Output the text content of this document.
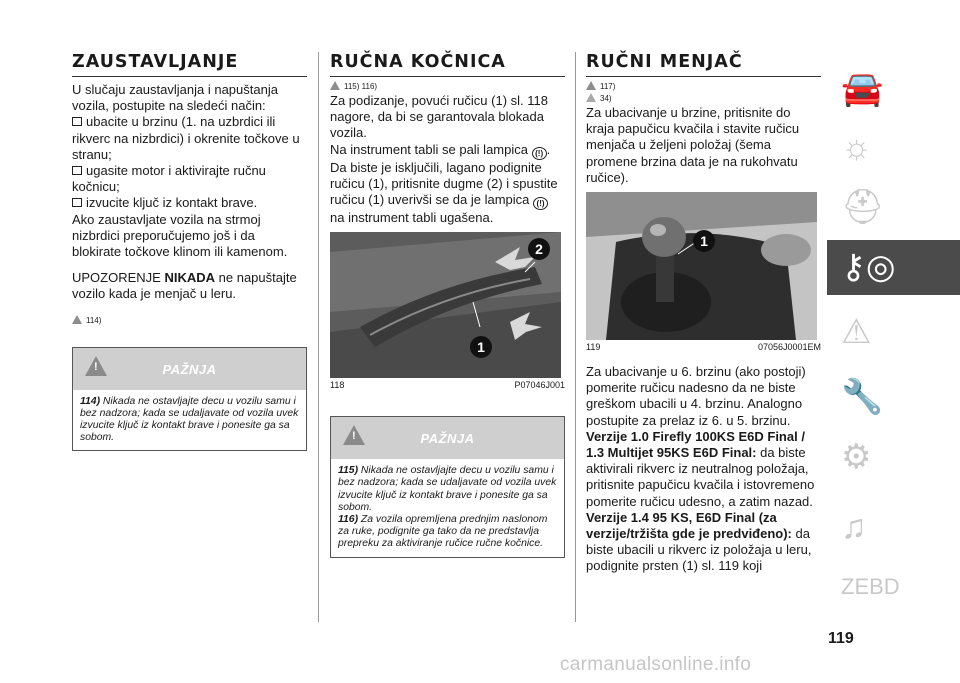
ZAUSTAVLJANJE

U slučaju zaustavljanja i napuštanja vozila, postupite na sledeći način:

ubacite u brzinu (1. na uzbrdici ili rikverc na nizbrdici) i okrenite točkove u stranu;

ugasite motor i aktivirajte ručnu kočnicu;

izvucite ključ iz kontakt brave.

Ako zaustavljate vozila na strmoj nizbrdici preporučujemo još i da blokirate točkove klinom ili kamenom.

UPOZORENJE NIKADA ne napuštajte vozilo kada je menjač u leru.

114)

!	PAŽNJA
114) Nikada ne ostavljajte decu u vozilu samu i bez nadzora; kada se udaljavate od vozila uvek izvucite ključ iz kontakt brave i ponesite ga sa sobom.
RUČNA KOČNICA

115) 116)

Za podizanje, povući ručicu (1) sl. 118 nagore, da bi se garantovala blokada vozila.

Na instrument tabli se pali lampica (!) .

Da biste je isključili, lagano podignite ručicu (1), pritisnite dugme (2) i spustite ručicu (1) uverivši se da je lampica (!) na instrument tabli ugašena.

1
2
118	P07046J001
!	PAŽNJA
115) Nikada ne ostavljajte decu u vozilu samu i bez nadzora; kada se udaljavate od vozila uvek izvucite ključ iz kontakt brave i ponesite ga sa sobom.
116) Za vozila opremljena prednjim naslonom za ruke, podignite ga tako da ne predstavlja prepreku za aktiviranje ručice ručne kočnice.
RUČNI MENJAČ

117)

34)

Za ubacivanje u brzine, pritisnite do kraja papučicu kvačila i stavite ručicu menjača u željeni položaj (šema promene brzina data je na rukohvatu ručice).

1
119	07056J0001EM

Za ubacivanje u 6. brzinu (ako postoji) pomerite ručicu nadesno da ne biste greškom ubacili u 4. brzinu. Analogno postupite za prelaz iz 6. u 5. brzinu.

Verzije 1.0 Firefly 100KS E6D Final / 1.3 Multijet 95KS E6D Final: da biste aktivirali rikverc iz neutralnog položaja, pritisnite papučicu kvačila i istovremeno pomerite ručicu udesno, a zatim nazad.

Verzije 1.4 95 KS, E6D Final (za verzije/tržišta gde je predviđeno): da biste ubacili u rikverc iz položaja u leru, podignite prsten (1) sl. 119 koji

🚘
☼
⛑
⚷◎
⚠
🔧
⚙
♫
ZEBD
119
carmanualsonline.info
